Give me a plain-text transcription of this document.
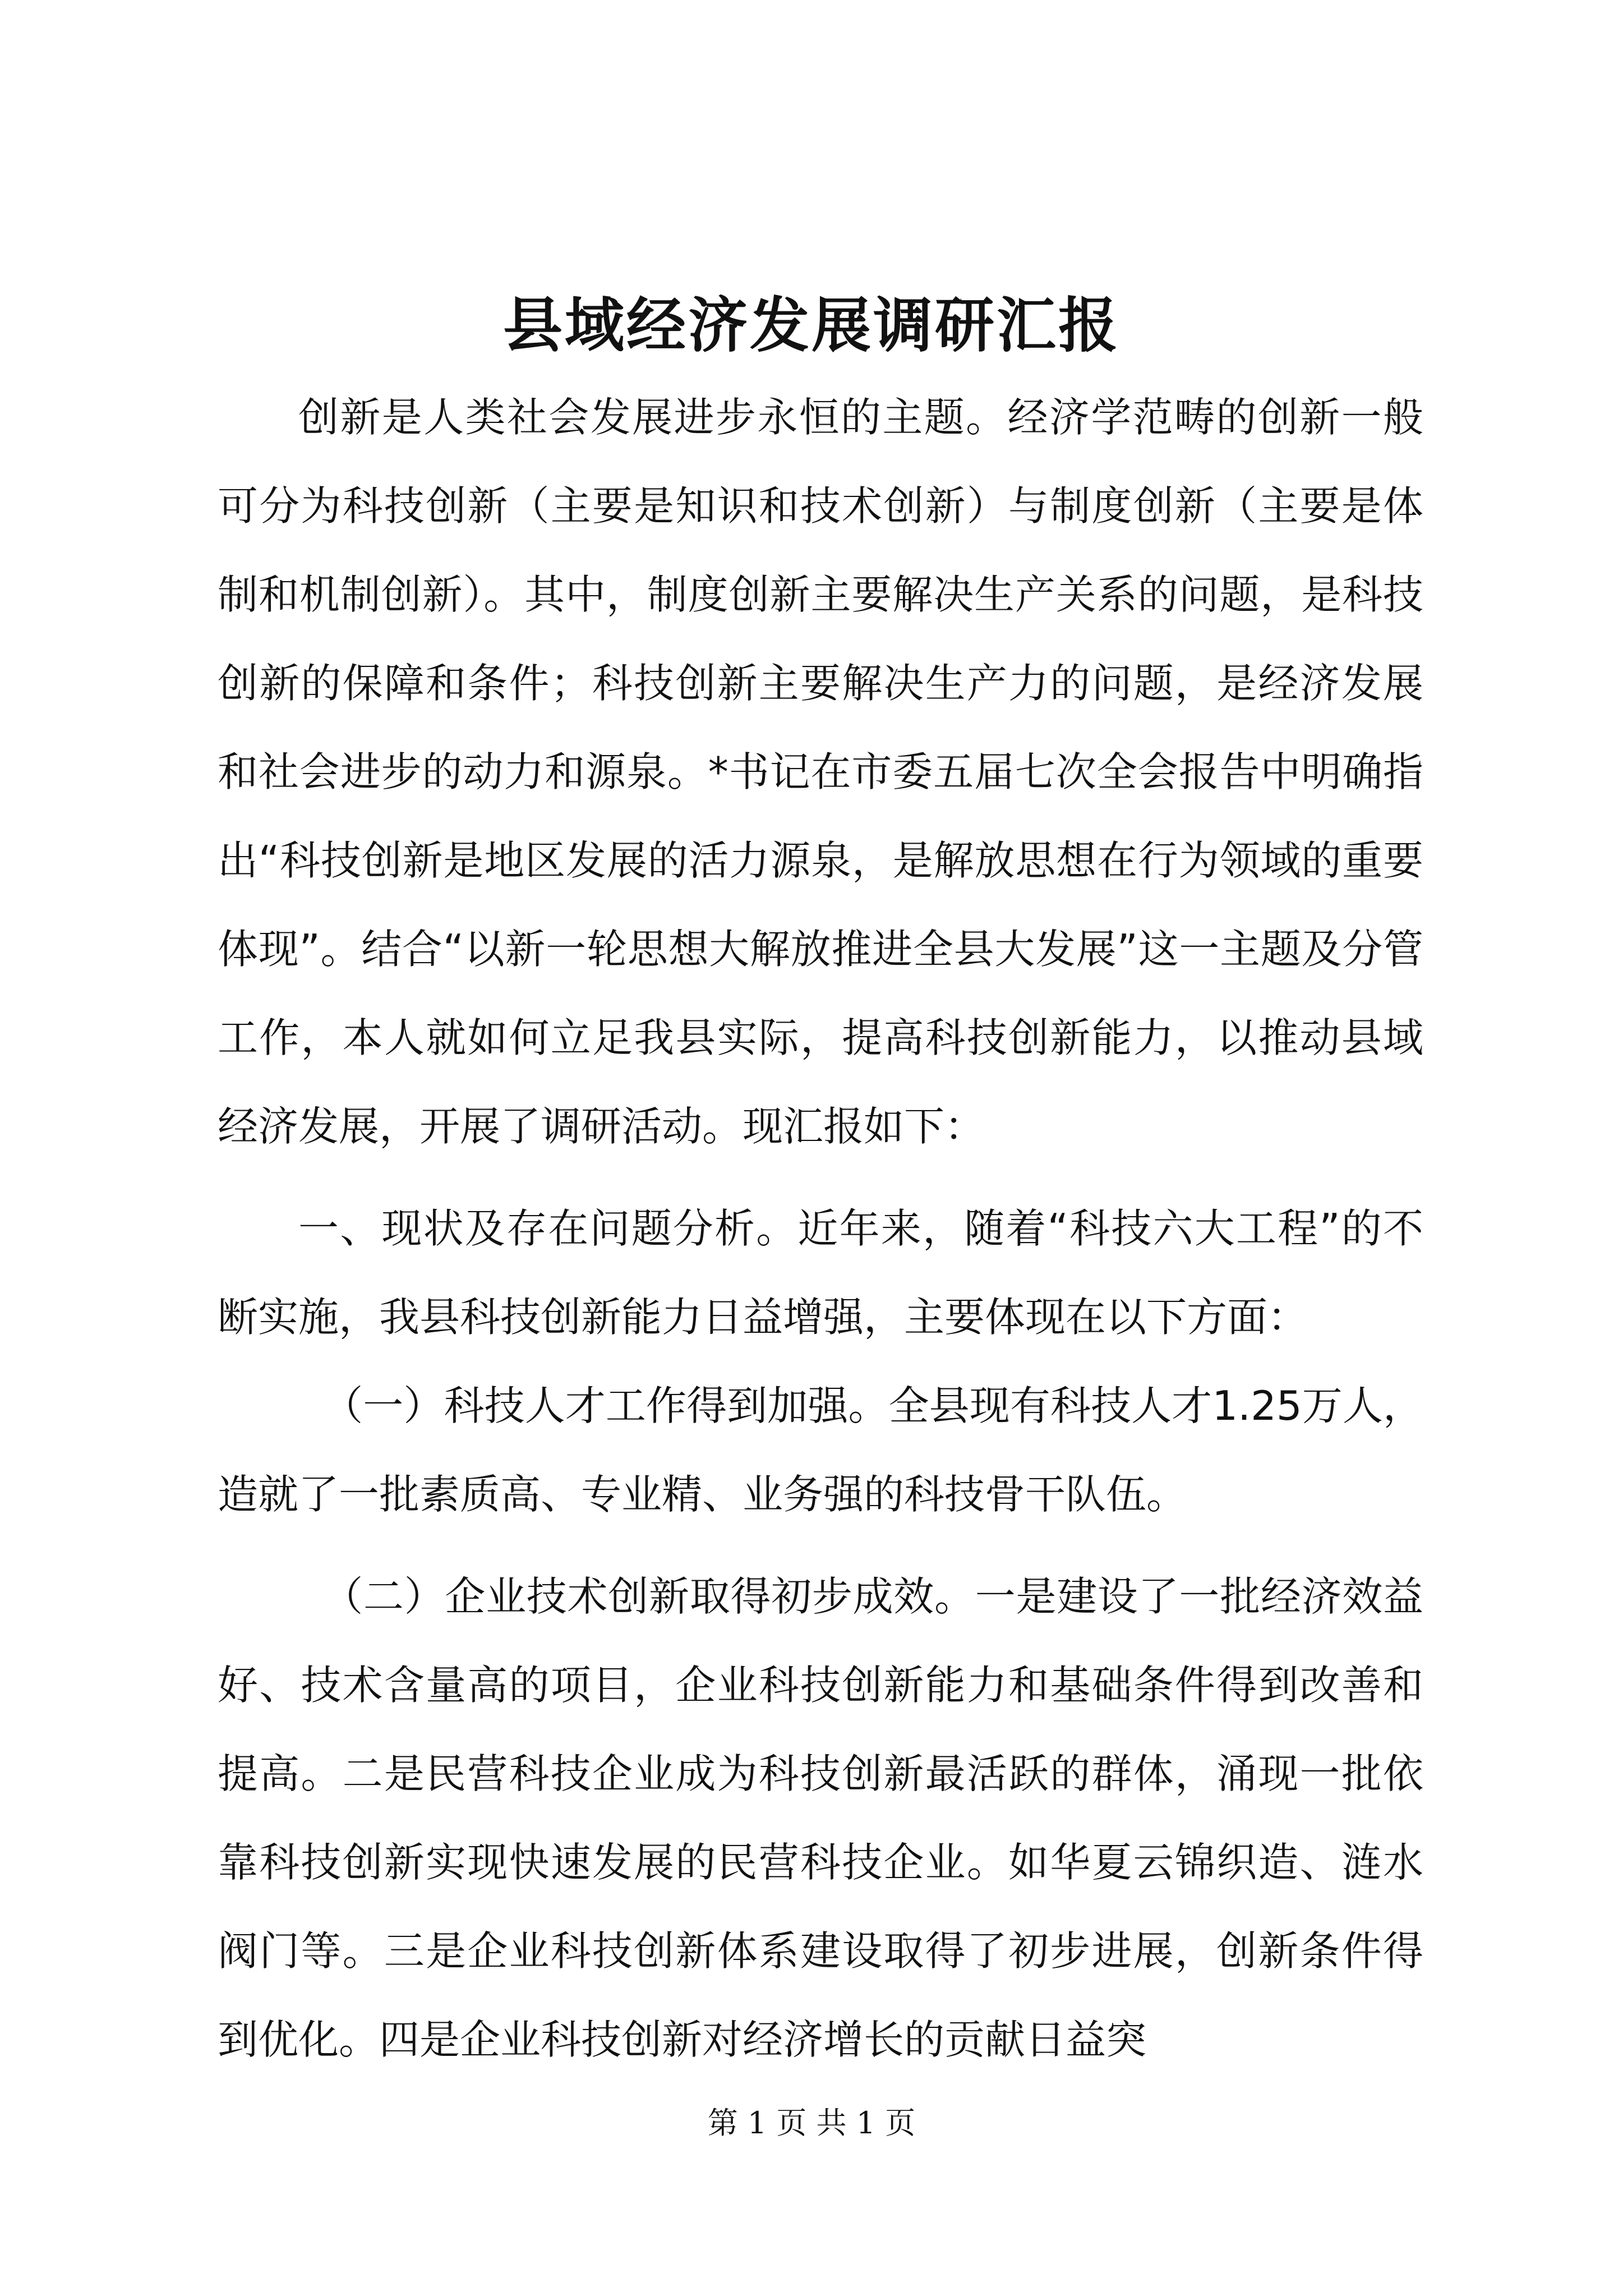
县域经济发展调研汇报

创新是人类社会发展进步永恒的主题。经济学范畴的创新一般可分为科技创新（主要是知识和技术创新）与制度创新（主要是体制和机制创新）。其中，制度创新主要解决生产关系的问题，是科技创新的保障和条件；科技创新主要解决生产力的问题，是经济发展和社会进步的动力和源泉。*书记在市委五届七次全会报告中明确指出“科技创新是地区发展的活力源泉，是解放思想在行为领域的重要体现”。结合“以新一轮思想大解放推进全县大发展”这一主题及分管工作，本人就如何立足我县实际，提高科技创新能力，以推动县域经济发展，开展了调研活动。现汇报如下：

一、现状及存在问题分析。近年来，随着“科技六大工程”的不断实施，我县科技创新能力日益增强，主要体现在以下方面：

（一）科技人才工作得到加强。全县现有科技人才1.25万人，造就了一批素质高、专业精、业务强的科技骨干队伍。

（二）企业技术创新取得初步成效。一是建设了一批经济效益好、技术含量高的项目，企业科技创新能力和基础条件得到改善和提高。二是民营科技企业成为科技创新最活跃的群体，涌现一批依靠科技创新实现快速发展的民营科技企业。如华夏云锦织造、涟水阀门等。三是企业科技创新体系建设取得了初步进展，创新条件得到优化。四是企业科技创新对经济增长的贡献日益突

第 1 页 共 1 页
